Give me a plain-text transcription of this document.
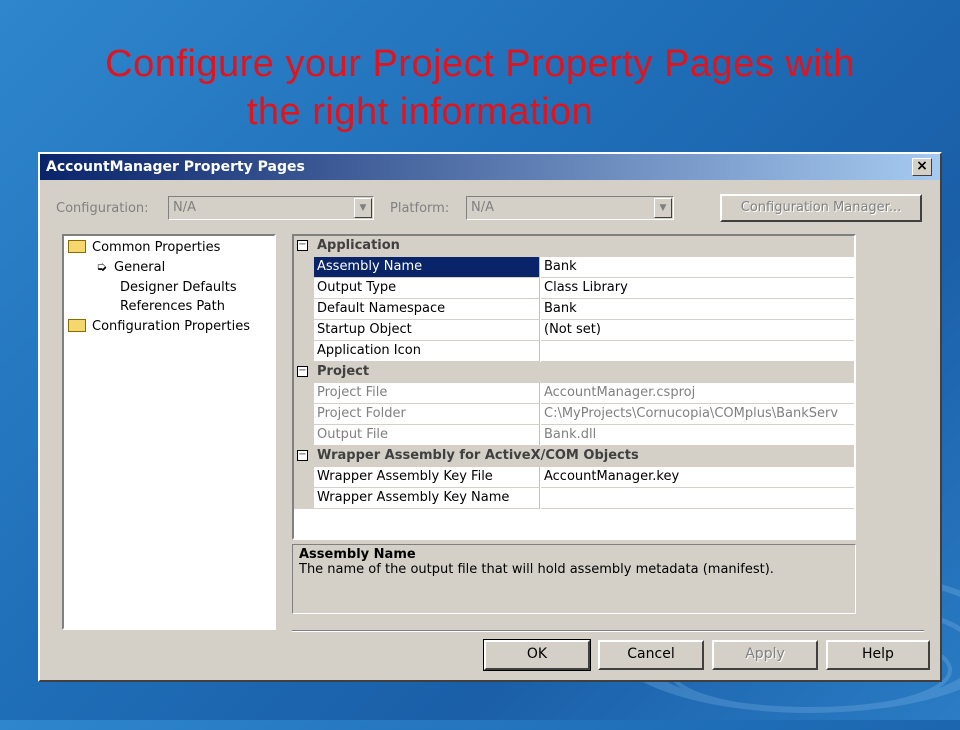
Configure your Project Property Pages with
the right information
AccountManager Property Pages	×
Configuration:	N/A	▼	Platform:	N/A	▼	Configuration Manager...
Common Properties
➭ General
Designer Defaults
References Path
Configuration Properties
− Application
Assembly Name	Bank
Output Type	Class Library
Default Namespace	Bank
Startup Object	(Not set)
Application Icon
− Project
Project File	AccountManager.csproj
Project Folder	C:\MyProjects\Cornucopia\COMplus\BankServ
Output File	Bank.dll
− Wrapper Assembly for ActiveX/COM Objects
Wrapper Assembly Key File	AccountManager.key
Wrapper Assembly Key Name
Assembly Name
The name of the output file that will hold assembly metadata (manifest).
OK	Cancel	Apply	Help
